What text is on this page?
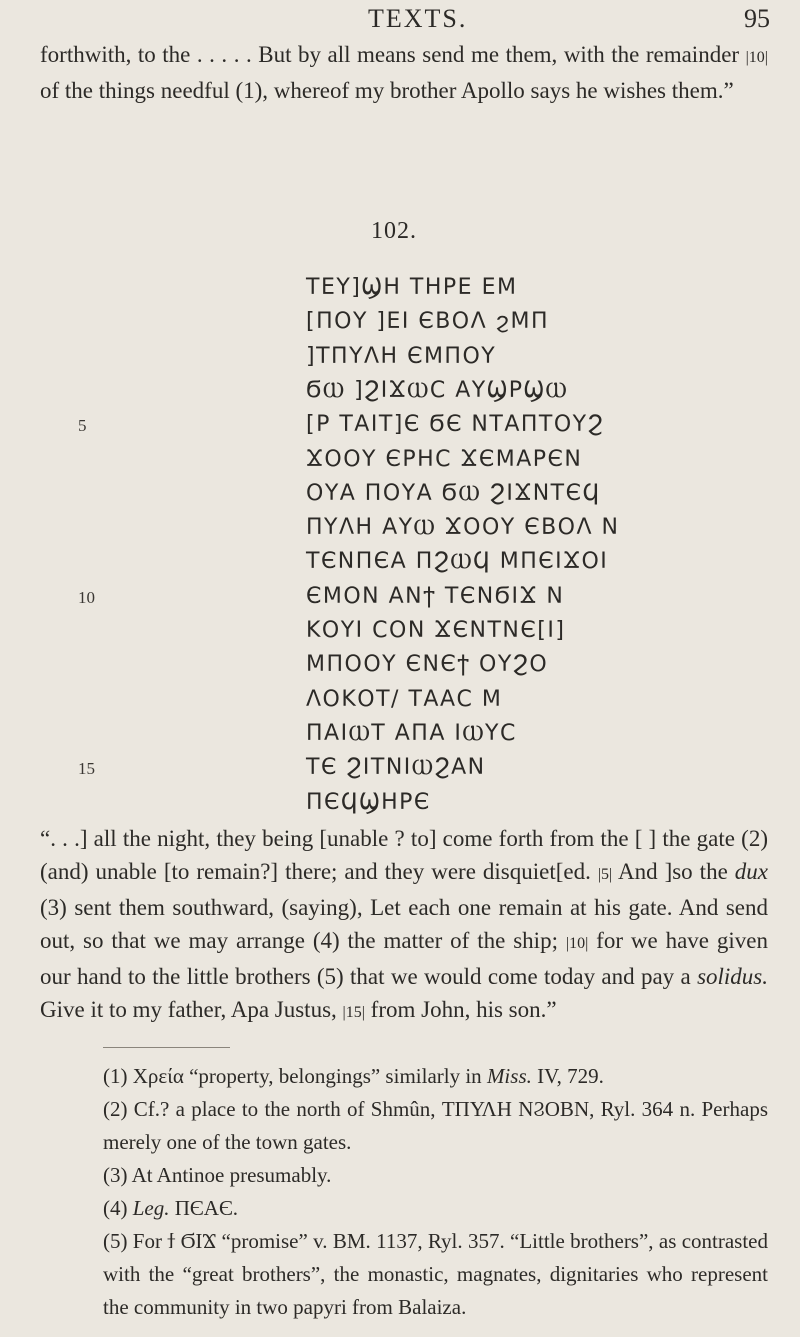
TEXTS.	95

forthwith, to the . . . . . But by all means send me them, with the remainder |10| of the things needful (1), whereof my brother Apollo says he wishes them.”

102.
ΤΕΥ]ϢΗ ΤΗΡΕ ΕΜ
[ΠΟΥ ]ΕΙ ЄΒΟΛ ϩΜΠ
]ΤΠΥΛΗ ЄΜΠΟΥ
ϬⲰ ]ϨΙϪⲰϹ ΑΥϢΡϢⲰ
5	[Ρ ΤΑΙΤ]Є ϬЄ ΝΤΑΠΤΟΥϨ
ϪΟΟΥ ЄΡΗϹ ϪЄΜΑΡЄΝ
ΟΥΑ ΠΟΥΑ ϬⲰ ϨΙϪΝΤЄϤ
ΠΥΛΗ ΑΥⲰ ϪΟΟΥ ЄΒΟΛ Ν
ΤЄΝΠЄΑ ΠϨⲰϤ ΜΠЄΙϪΟΙ
10	ЄΜΟΝ ΑΝϯ ΤЄΝϬΙϪ Ν
ΚΟΥΙ ϹΟΝ ϪЄΝΤΝЄ[Ι]
ΜΠΟΟΥ ЄΝЄϯ ΟΥϨΟ
ΛΟΚΟΤ/ ΤΑΑϹ Μ
ΠΑΙⲰΤ ΑΠΑ ΙⲰΥϹ
15	ΤЄ ϨΙΤΝΙⲰϨΑΝ
ΠЄϤϢΗΡЄ

“. . .] all the night, they being [unable ? to] come forth from the [ ] the gate (2) (and) unable [to remain?] there; and they were disquiet[ed. |5| And ]so the dux (3) sent them southward, (saying), Let each one remain at his gate. And send out, so that we may arrange (4) the matter of the ship; |10| for we have given our hand to the little brothers (5) that we would come today and pay a solidus. Give it to my father, Apa Justus, |15| from John, his son.”

(1) Χρεία “property, belongings” similarly in Miss. IV, 729.

(2) Cf.? a place to the north of Shmûn, ΤΠΥΛΗ ΝϨΟΒΝ, Ryl. 364 n. Perhaps merely one of the town gates.

(3) At Antinoe presumably.

(4) Leg. ΠЄΑЄ.

(5) For ϯ ϬΙϪ “promise” v. BM. 1137, Ryl. 357. “Little brothers”, as contrasted with the “great brothers”, the monastic, magnates, dignitaries who represent the community in two papyri from Balaiza.
